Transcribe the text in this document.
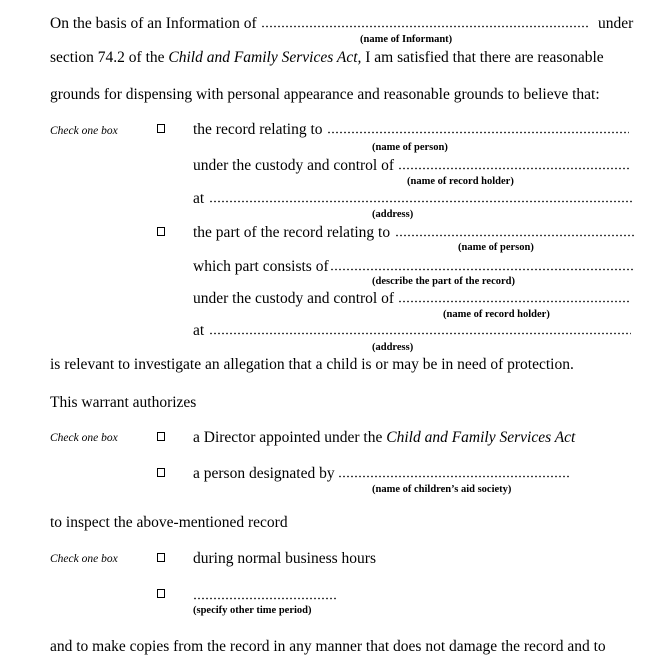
On the basis of an Information of	under
(name of Informant)
section 74.2 of the Child and Family Services Act, I am satisfied that there are reasonable
grounds for dispensing with personal appearance and reasonable grounds to believe that:
Check one box	the record relating to
(name of person)
under the custody and control of
(name of record holder)
at
(address)
the part of the record relating to
(name of person)
which part consists of
(describe the part of the record)
under the custody and control of
(name of record holder)
at
(address)
is relevant to investigate an allegation that a child is or may be in need of protection.
This warrant authorizes
Check one box	a Director appointed under the Child and Family Services Act
a person designated by
(name of children’s aid society)
to inspect the above-mentioned record
Check one box	during normal business hours
(specify other time period)
and to make copies from the record in any manner that does not damage the record and to
